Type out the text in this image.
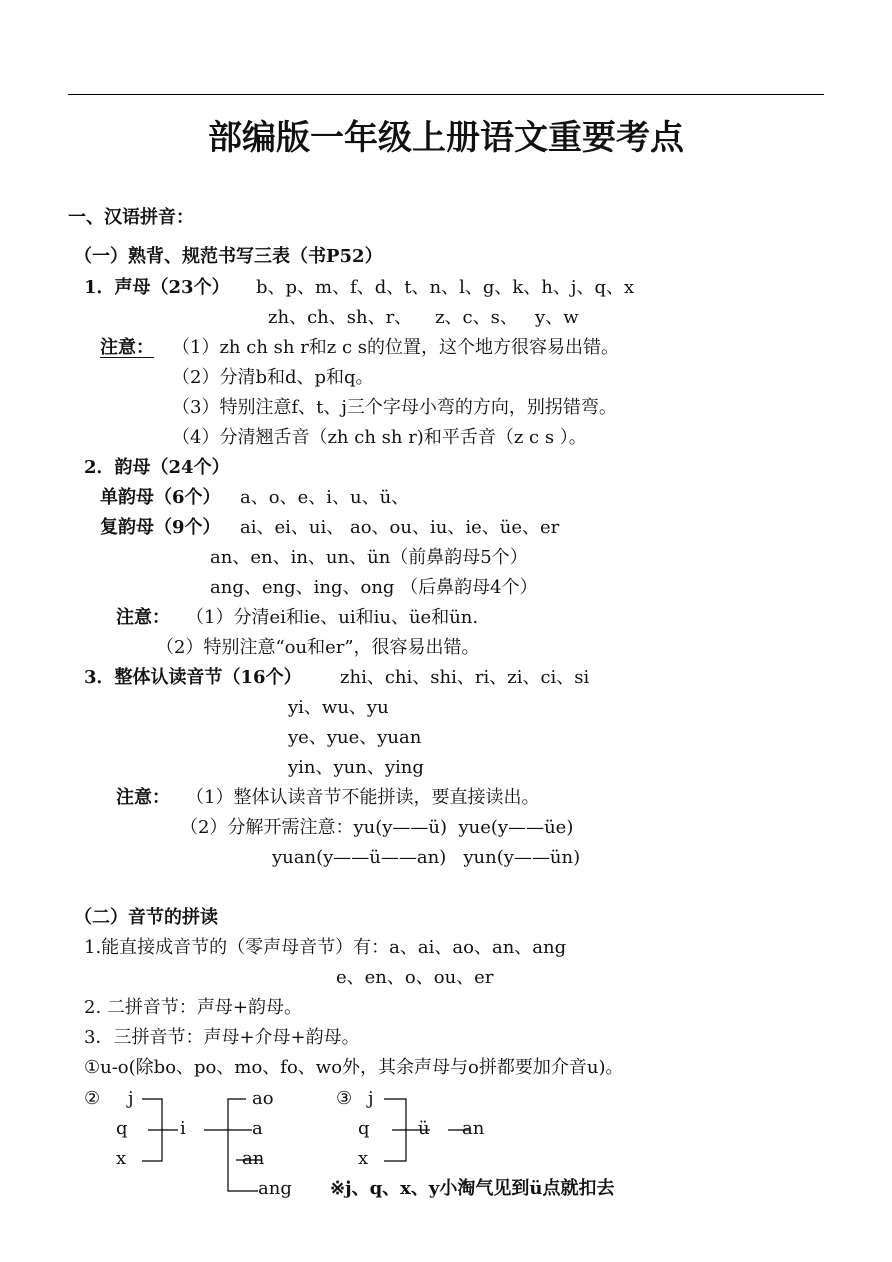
部编版一年级上册语文重要考点
一、汉语拼音：
（一）熟背、规范书写三表（书P52）
1．声母（23个） b、p、m、f、d、t、n、l、g、k、h、j、q、x
zh、ch、sh、r、    z、c、s、   y、w
注意： （1）zh ch sh r和z c s的位置，这个地方很容易出错。
（2）分清b和d、p和q。
（3）特别注意f、t、j三个字母小弯的方向，别拐错弯。
（4）分清翘舌音（zh ch sh r)和平舌音（z c s ）。
2．韵母（24个）
单韵母（6个） a、o、e、i、u、ü、
复韵母（9个） ai、ei、ui、 ao、ou、iu、ie、üe、er
an、en、in、un、ün（前鼻韵母5个）
ang、eng、ing、ong （后鼻韵母4个）
注意： （1）分清ei和ie、ui和iu、üe和ün.
（2）特别注意“ou和er”，很容易出错。
3．整体认读音节（16个） zhi、chi、shi、ri、zi、ci、si
yi、wu、yu
ye、yue、yuan
yin、yun、ying
注意： （1）整体认读音节不能拼读，要直接读出。
（2）分解开需注意：yu(y——ü)  yue(y——üe)
yuan(y——ü——an)   yun(y——ün)
（二）音节的拼读
1.能直接成音节的（零声母音节）有：a、ai、ao、an、ang
e、en、o、ou、er
2. 二拼音节：声母+韵母。
3．三拼音节：声母+介母+韵母。
①u-o(除bo、po、mo、fo、wo外，其余声母与o拼都要加介音u)。
② j
q
x
i
ao
a
an
ang
③ j
q
x
ü an
※j、q、x、y小淘气见到ü点就扣去
